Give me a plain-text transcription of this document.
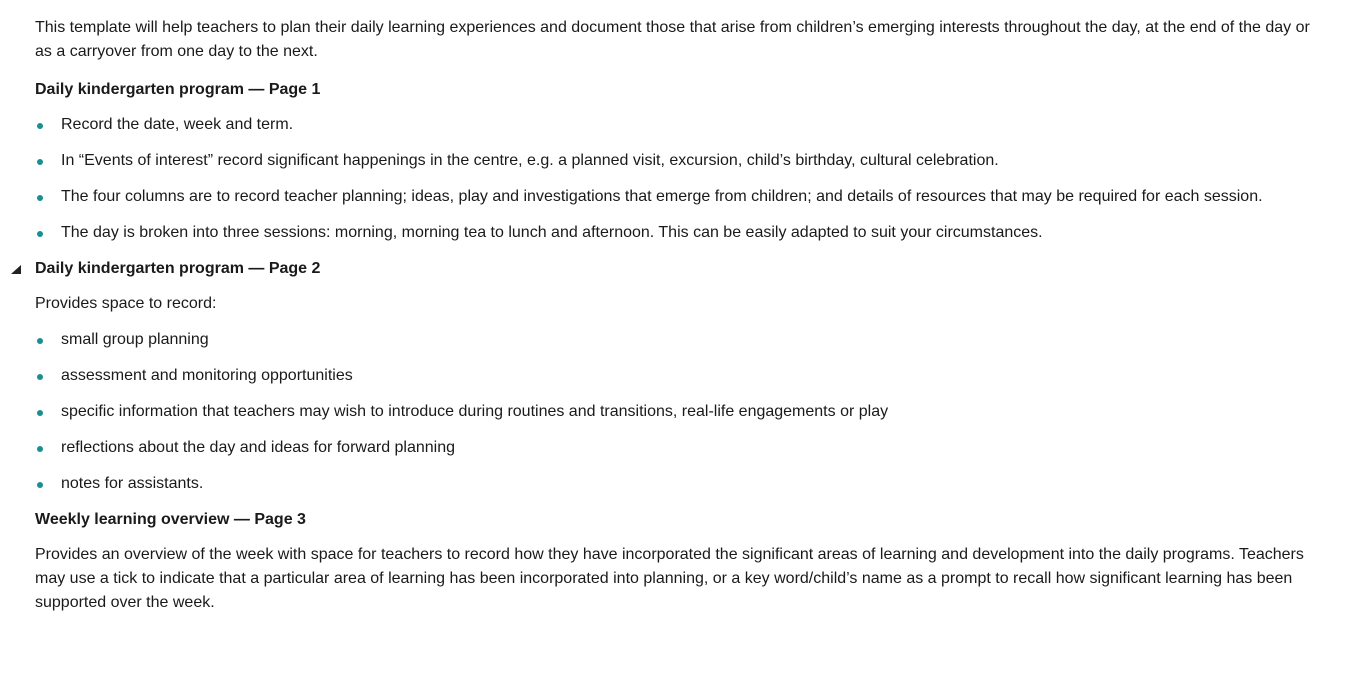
This template will help teachers to plan their daily learning experiences and document those that arise from children’s emerging interests throughout the day, at the end of the day or as a carryover from one day to the next.

Daily kindergarten program — Page 1
Record the date, week and term.
In “Events of interest” record significant happenings in the centre, e.g. a planned visit, excursion, child’s birthday, cultural celebration.
The four columns are to record teacher planning; ideas, play and investigations that emerge from children; and details of resources that may be required for each session.
The day is broken into three sessions: morning, morning tea to lunch and afternoon. This can be easily adapted to suit your circumstances.
Daily kindergarten program — Page 2

Provides space to record:

small group planning
assessment and monitoring opportunities
specific information that teachers may wish to introduce during routines and transitions, real-life engagements or play
reflections about the day and ideas for forward planning
notes for assistants.
Weekly learning overview — Page 3

Provides an overview of the week with space for teachers to record how they have incorporated the significant areas of learning and development into the daily programs. Teachers may use a tick to indicate that a particular area of learning has been incorporated into planning, or a key word/child’s name as a prompt to recall how significant learning has been supported over the week.
